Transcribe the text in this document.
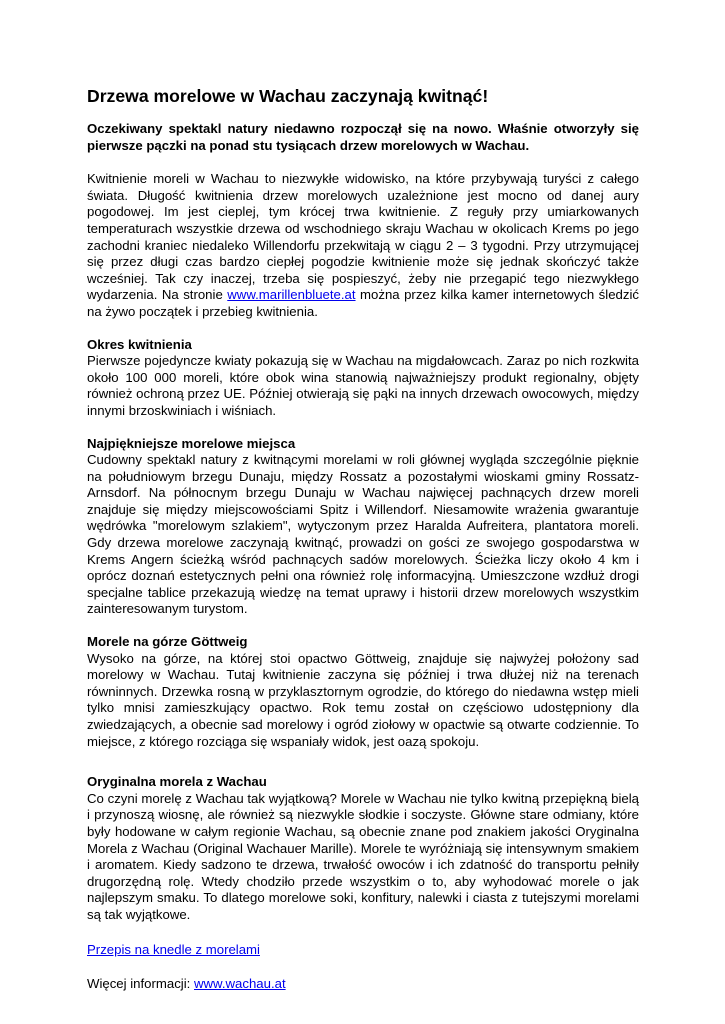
Drzewa morelowe w Wachau zaczynają kwitnąć!

Oczekiwany spektakl natury niedawno rozpoczął się na nowo. Właśnie otworzyły się pierwsze pączki na ponad stu tysiącach drzew morelowych w Wachau.

Kwitnienie moreli w Wachau to niezwykłe widowisko, na które przybywają turyści z całego świata. Długość kwitnienia drzew morelowych uzależnione jest mocno od danej aury pogodowej. Im jest cieplej, tym krócej trwa kwitnienie. Z reguły przy umiarkowanych temperaturach wszystkie drzewa od wschodniego skraju Wachau w okolicach Krems po jego zachodni kraniec niedaleko Willendorfu przekwitają w ciągu 2 – 3 tygodni. Przy utrzymującej się przez długi czas bardzo ciepłej pogodzie kwitnienie może się jednak skończyć także wcześniej. Tak czy inaczej, trzeba się pospieszyć, żeby nie przegapić tego niezwykłego wydarzenia. Na stronie www.marillenbluete.at można przez kilka kamer internetowych śledzić na żywo początek i przebieg kwitnienia.

Okres kwitnienia

Pierwsze pojedyncze kwiaty pokazują się w Wachau na migdałowcach. Zaraz po nich rozkwita około 100 000 moreli, które obok wina stanowią najważniejszy produkt regionalny, objęty również ochroną przez UE. Później otwierają się pąki na innych drzewach owocowych, między innymi brzoskwiniach i wiśniach.

Najpiękniejsze morelowe miejsca

Cudowny spektakl natury z kwitnącymi morelami w roli głównej wygląda szczególnie pięknie na południowym brzegu Dunaju, między Rossatz a pozostałymi wioskami gminy Rossatz-Arnsdorf. Na północnym brzegu Dunaju w Wachau najwięcej pachnących drzew moreli znajduje się między miejscowościami Spitz i Willendorf. Niesamowite wrażenia gwarantuje wędrówka "morelowym szlakiem", wytyczonym przez Haralda Aufreitera, plantatora moreli. Gdy drzewa morelowe zaczynają kwitnąć, prowadzi on gości ze swojego gospodarstwa w Krems Angern ścieżką wśród pachnących sadów morelowych. Ścieżka liczy około 4 km i oprócz doznań estetycznych pełni ona również rolę informacyjną. Umieszczone wzdłuż drogi specjalne tablice przekazują wiedzę na temat uprawy i historii drzew morelowych wszystkim zainteresowanym turystom.

Morele na górze Göttweig

Wysoko na górze, na której stoi opactwo Göttweig, znajduje się najwyżej położony sad morelowy w Wachau. Tutaj kwitnienie zaczyna się później i trwa dłużej niż na terenach równinnych. Drzewka rosną w przyklasztornym ogrodzie, do którego do niedawna wstęp mieli tylko mnisi zamieszkujący opactwo. Rok temu został on częściowo udostępniony dla zwiedzających, a obecnie sad morelowy i ogród ziołowy w opactwie są otwarte codziennie. To miejsce, z którego rozciąga się wspaniały widok, jest oazą spokoju.

Oryginalna morela z Wachau

Co czyni morelę z Wachau tak wyjątkową? Morele w Wachau nie tylko kwitną przepiękną bielą i przynoszą wiosnę, ale również są niezwykle słodkie i soczyste. Główne stare odmiany, które były hodowane w całym regionie Wachau, są obecnie znane pod znakiem jakości Oryginalna Morela z Wachau (Original Wachauer Marille). Morele te wyróżniają się intensywnym smakiem i aromatem. Kiedy sadzono te drzewa, trwałość owoców i ich zdatność do transportu pełniły drugorzędną rolę. Wtedy chodziło przede wszystkim o to, aby wyhodować morele o jak najlepszym smaku. To dlatego morelowe soki, konfitury, nalewki i ciasta z tutejszymi morelami są tak wyjątkowe.

Przepis na knedle z morelami

Więcej informacji: www.wachau.at
